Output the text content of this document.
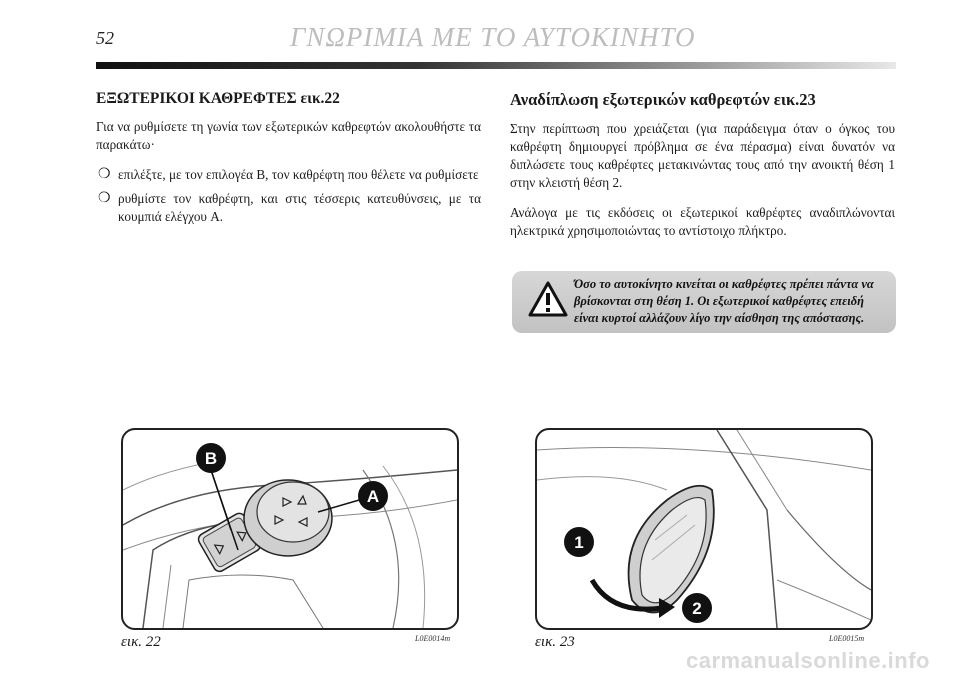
52	ΓΝΩΡΙΜΙΑ ΜΕ ΤΟ ΑΥΤΟΚΙΝΗΤΟ
ΕΞΩΤΕΡΙΚΟΙ ΚΑΘΡΕΦΤΕΣ εικ.22

Για να ρυθμίσετε τη γωνία των εξωτερικών καθρεφτών ακολουθήστε τα παρακάτω·

❍ επιλέξτε, με τον επιλογέα B, τον καθρέφτη που θέλετε να ρυθμίσετε
❍ ρυθμίστε τον καθρέφτη, και στις τέσσερις κατευθύνσεις, με τα κουμπιά ελέγχου A.
Αναδίπλωση εξωτερικών καθρεφτών εικ.23

Στην περίπτωση που χρειάζεται (για παράδειγμα όταν ο όγκος του καθρέφτη δημιουργεί πρόβλημα σε ένα πέρασμα) είναι δυνατόν να διπλώσετε τους καθρέφτες μετακινώντας τους από την ανοικτή θέση 1 στην κλειστή θέση 2.

Ανάλογα με τις εκδόσεις οι εξωτερικοί καθρέφτες αναδιπλώνονται ηλεκτρικά χρησιμοποιώντας το αντίστοιχο πλήκτρο.

Όσο το αυτοκίνητο κινείται οι καθρέφτες πρέπει πάντα να βρίσκονται στη θέση 1. Οι εξωτερικοί καθρέφτες επειδή είναι κυρτοί αλλάζουν λίγο την αίσθηση της απόστασης.
B
A
1
2
εικ. 22	L0E0014m	εικ. 23	L0E0015m
carmanualsonline.info
